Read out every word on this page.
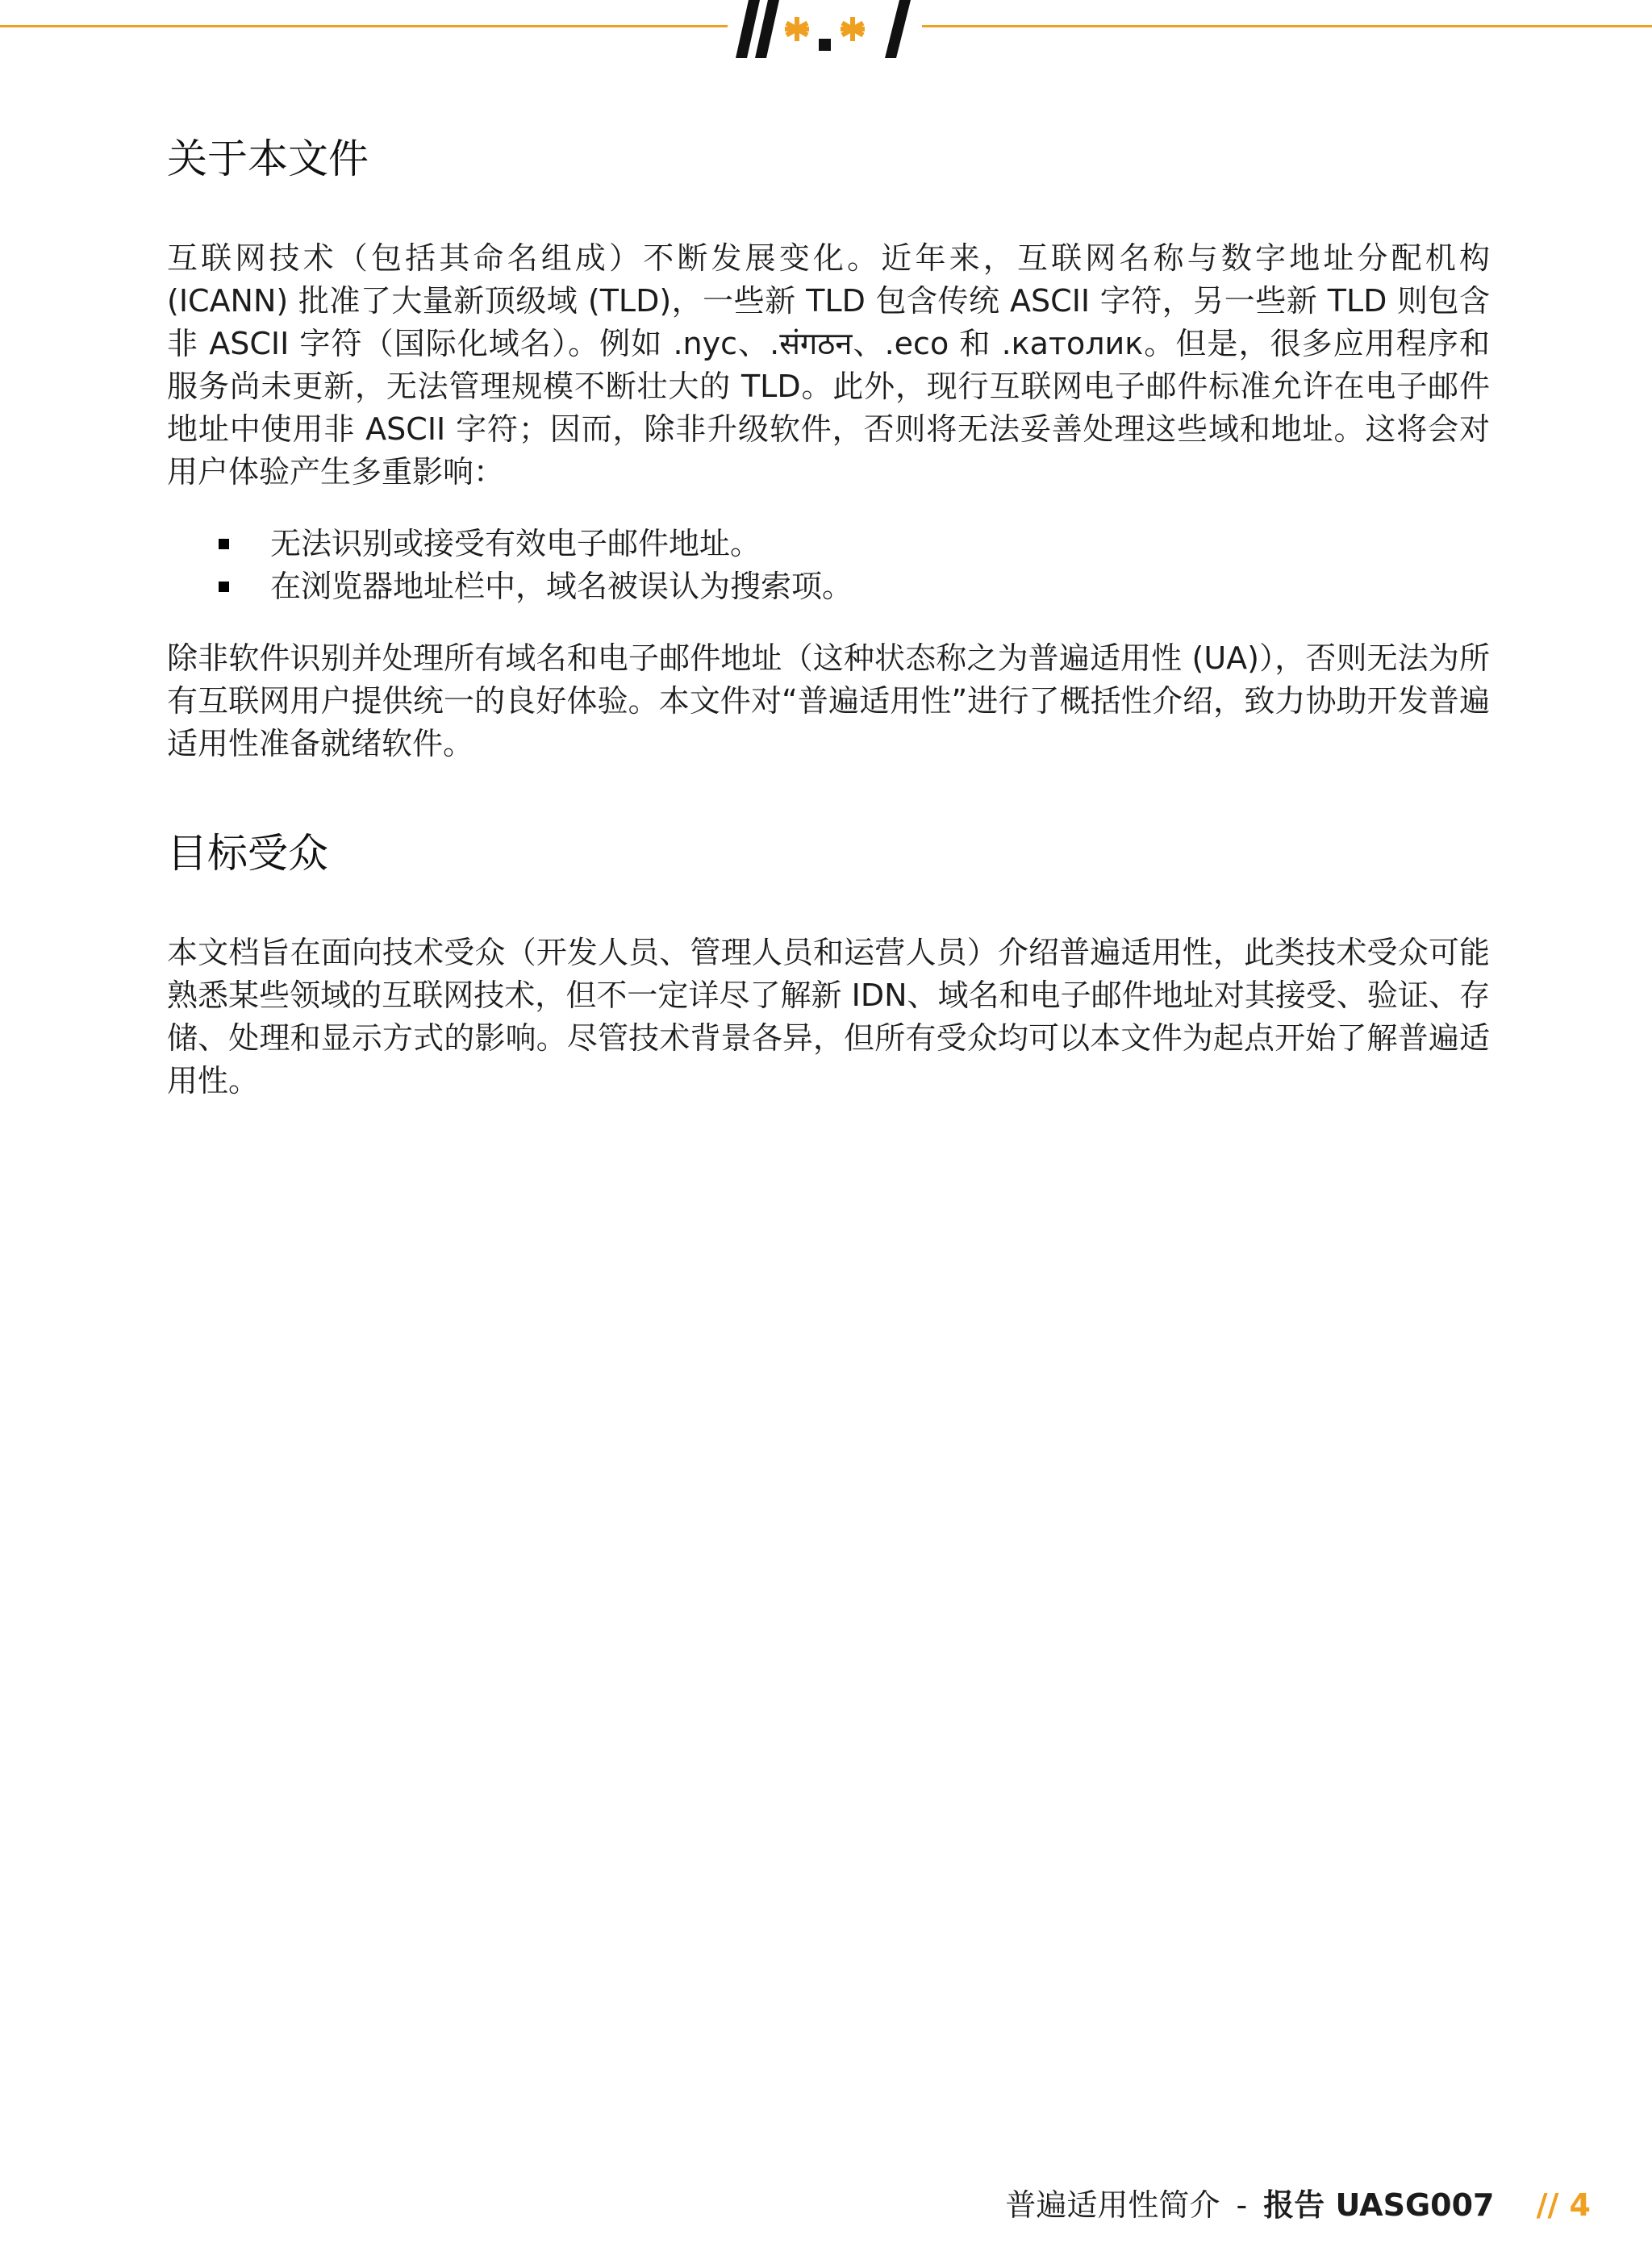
关于本文件

互联网技术（包括其命名组成）不断发展变化。近年来，互联网名称与数字地址分配机构 (ICANN) 批准了大量新顶级域 (TLD)，一些新 TLD 包含传统 ASCII 字符，另一些新 TLD 则包含非 ASCII 字符（国际化域名）。例如 .nyc、.संगठन、.eco 和 .католик。但是，很多应用程序和服务尚未更新，无法管理规模不断壮大的 TLD。此外，现行互联网电子邮件标准允许在电子邮件地址中使用非 ASCII 字符；因而，除非升级软件，否则将无法妥善处理这些域和地址。这将会对用户体验产生多重影响：

无法识别或接受有效电子邮件地址。
在浏览器地址栏中，域名被误认为搜索项。

除非软件识别并处理所有域名和电子邮件地址（这种状态称之为普遍适用性 (UA)），否则无法为所有互联网用户提供统一的良好体验。本文件对“普遍适用性”进行了概括性介绍，致力协助开发普遍适用性准备就绪软件。

目标受众

本文档旨在面向技术受众（开发人员、管理人员和运营人员）介绍普遍适用性，此类技术受众可能熟悉某些领域的互联网技术，但不一定详尽了解新 IDN、域名和电子邮件地址对其接受、验证、存储、处理和显示方式的影响。尽管技术背景各异，但所有受众均可以本文件为起点开始了解普遍适用性。

普遍适用性简介 - 报告 UASG007 // 4
